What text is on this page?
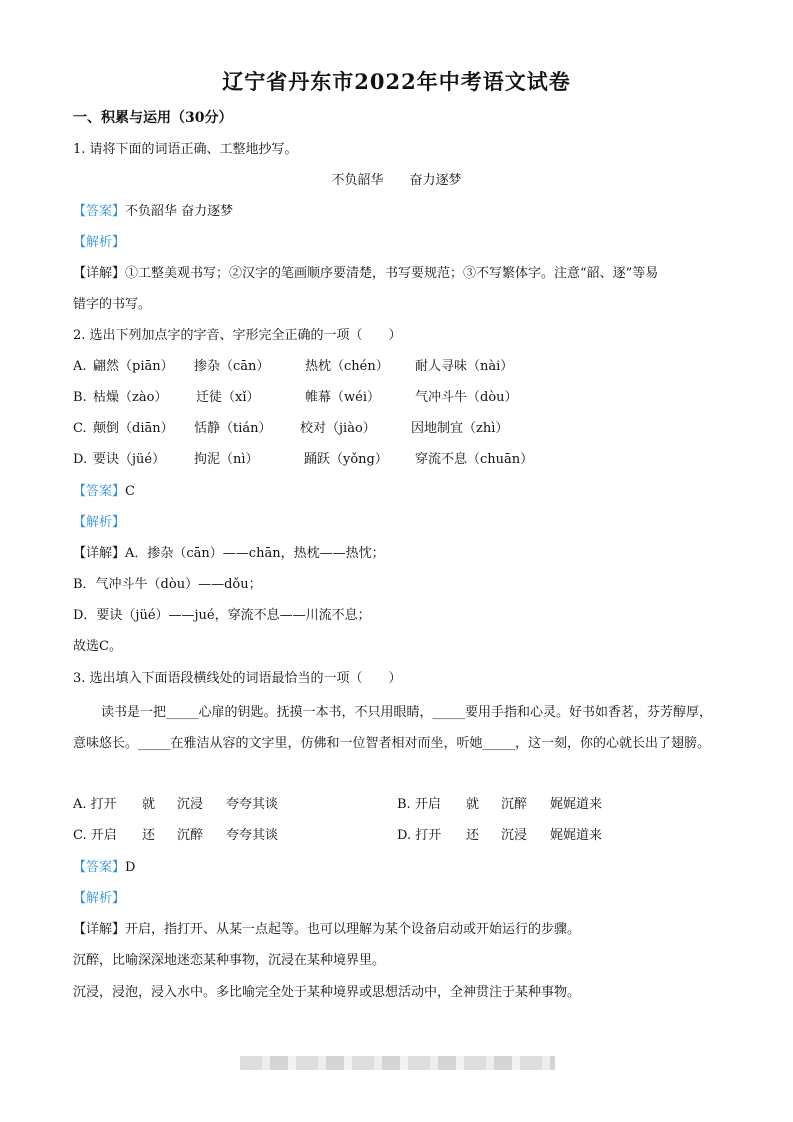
辽宁省丹东市2022年中考语文试卷
一、积累与运用（30分）
1. 请将下面的词语正确、工整地抄写。
不负韶华　　奋力逐梦
【答案】不负韶华 奋力逐梦
【解析】
【详解】①工整美观书写；②汉字的笔画顺序要清楚，书写要规范；③不写繁体字。注意“韶、逐”等易
错字的书写。
2. 选出下列加点字的字音、字形完全正确的一项（　　）
A. 翩然（piān） 掺杂（cān）	热枕（chén） 耐人寻味（nài）
B. 枯燥（zào） 迁徒（xǐ）	帷幕（wéi）	气冲斗牛（dòu）
C. 颠倒（diān） 恬静（tián） 校对（jiào）	因地制宜（zhì）
D. 要诀（jüé） 拘泥（nì）	踊跃（yǒng） 穿流不息（chuān）
【答案】C
【解析】
【详解】A．掺杂（cān）——chān，热枕——热忱；
B．气冲斗牛（dòu）——dǒu；
D．要诀（jüé）——jué，穿流不息——川流不息；
故选C。
3. 选出填入下面语段横线处的词语最恰当的一项（　　）
读书是一把_____心扉的钥匙。抚摸一本书，不只用眼睛，_____要用手指和心灵。好书如香茗，芬芳醇厚，意味悠长。_____在雅洁从容的文字里，仿佛和一位智者相对而坐，听她_____，这一刻，你的心就长出了翅膀。
A. 打开 就 沉浸 夸夸其谈	B. 开启 就 沉醉 娓娓道来
C. 开启 还 沉醉 夸夸其谈	D. 打开 还 沉浸 娓娓道来
【答案】D
【解析】
【详解】开启，指打开、从某一点起等。也可以理解为某个设备启动或开始运行的步骤。
沉醉，比喻深深地迷恋某种事物，沉浸在某种境界里。
沉浸，浸泡，浸入水中。多比喻完全处于某种境界或思想活动中，全神贯注于某种事物。
